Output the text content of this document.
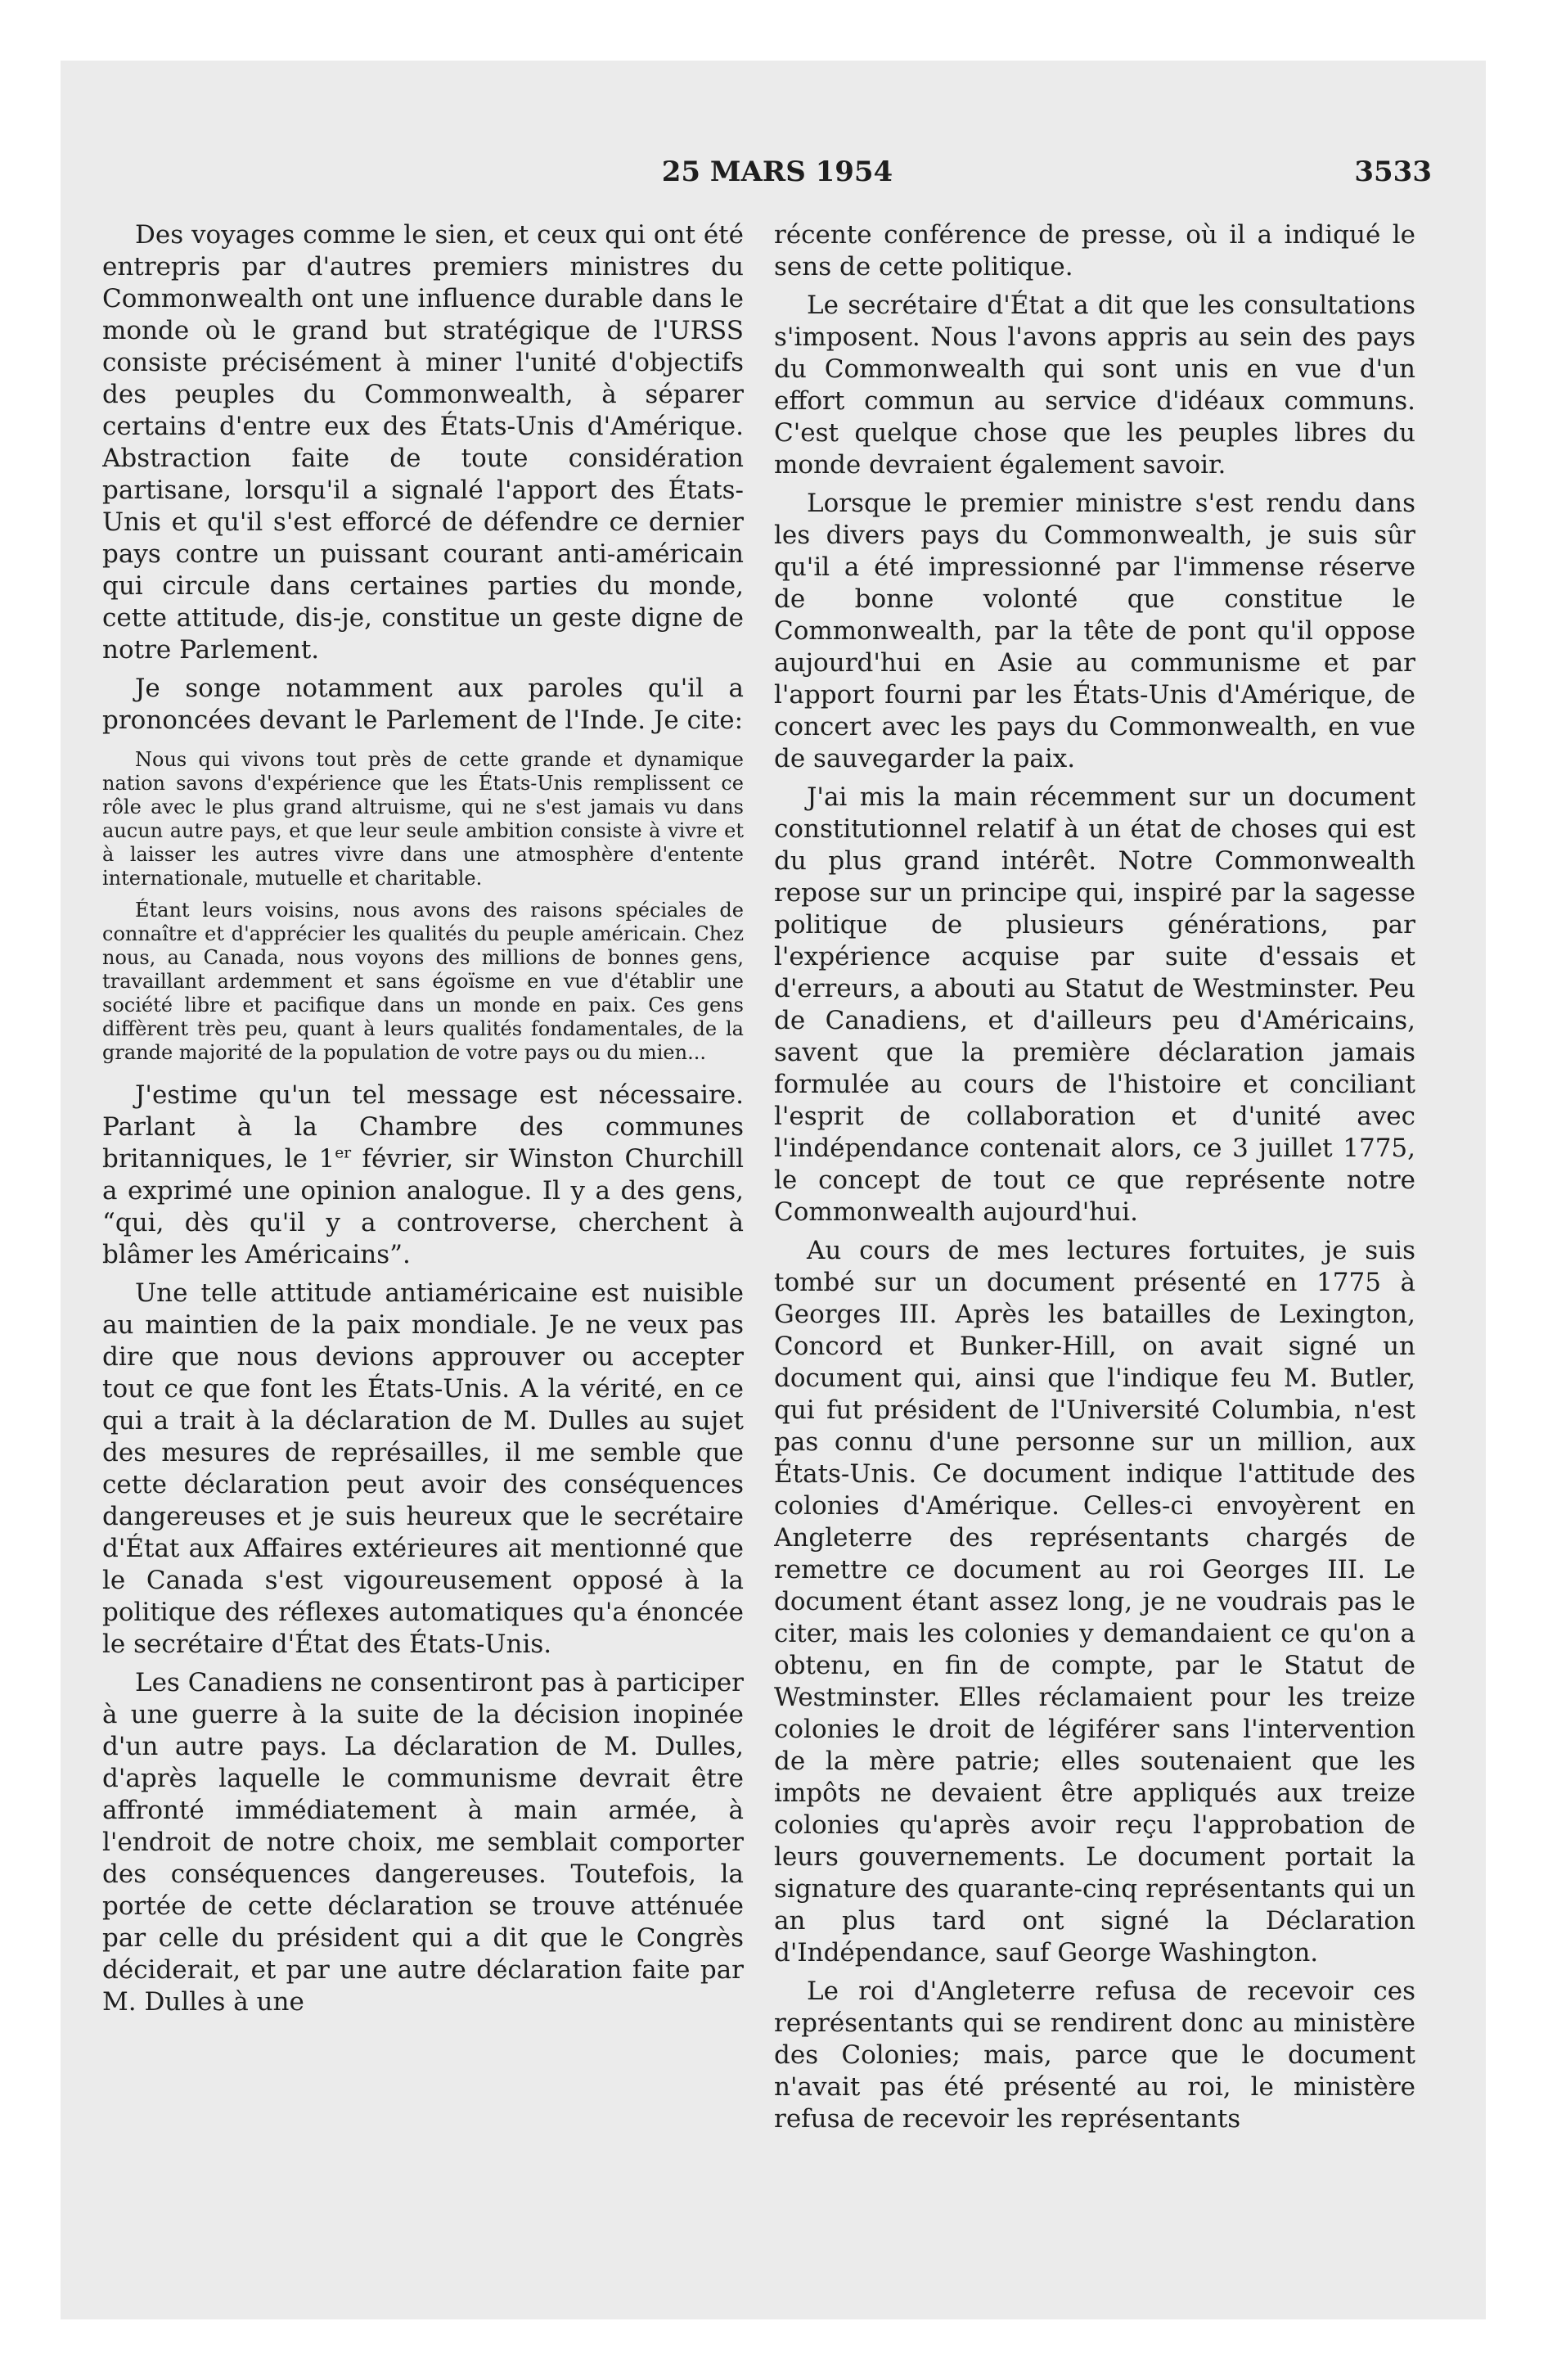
25 MARS 1954	3533

Des voyages comme le sien, et ceux qui ont été entrepris par d'autres premiers ministres du Commonwealth ont une influence durable dans le monde où le grand but stratégique de l'URSS consiste précisément à miner l'unité d'objectifs des peuples du Commonwealth, à séparer certains d'entre eux des États-Unis d'Amérique. Abstraction faite de toute considération partisane, lorsqu'il a signalé l'apport des États-Unis et qu'il s'est efforcé de défendre ce dernier pays contre un puissant courant anti-américain qui circule dans certaines parties du monde, cette attitude, dis-je, constitue un geste digne de notre Parlement.

Je songe notamment aux paroles qu'il a prononcées devant le Parlement de l'Inde. Je cite:

Nous qui vivons tout près de cette grande et dynamique nation savons d'expérience que les États-Unis remplissent ce rôle avec le plus grand altruisme, qui ne s'est jamais vu dans aucun autre pays, et que leur seule ambition consiste à vivre et à laisser les autres vivre dans une atmosphère d'entente internationale, mutuelle et charitable.

Étant leurs voisins, nous avons des raisons spéciales de connaître et d'apprécier les qualités du peuple américain. Chez nous, au Canada, nous voyons des millions de bonnes gens, travaillant ardemment et sans égoïsme en vue d'établir une société libre et pacifique dans un monde en paix. Ces gens diffèrent très peu, quant à leurs qualités fondamentales, de la grande majorité de la population de votre pays ou du mien...

J'estime qu'un tel message est nécessaire. Parlant à la Chambre des communes britanniques, le 1er février, sir Winston Churchill a exprimé une opinion analogue. Il y a des gens, “qui, dès qu'il y a controverse, cherchent à blâmer les Américains”.

Une telle attitude antiaméricaine est nuisible au maintien de la paix mondiale. Je ne veux pas dire que nous devions approuver ou accepter tout ce que font les États-Unis. A la vérité, en ce qui a trait à la déclaration de M. Dulles au sujet des mesures de représailles, il me semble que cette déclaration peut avoir des conséquences dangereuses et je suis heureux que le secrétaire d'État aux Affaires extérieures ait mentionné que le Canada s'est vigoureusement opposé à la politique des réflexes automatiques qu'a énoncée le secrétaire d'État des États-Unis.

Les Canadiens ne consentiront pas à participer à une guerre à la suite de la décision inopinée d'un autre pays. La déclaration de M. Dulles, d'après laquelle le communisme devrait être affronté immédiatement à main armée, à l'endroit de notre choix, me semblait comporter des conséquences dangereuses. Toutefois, la portée de cette déclaration se trouve atténuée par celle du président qui a dit que le Congrès déciderait, et par une autre déclaration faite par M. Dulles à une

récente conférence de presse, où il a indiqué le sens de cette politique.

Le secrétaire d'État a dit que les consultations s'imposent. Nous l'avons appris au sein des pays du Commonwealth qui sont unis en vue d'un effort commun au service d'idéaux communs. C'est quelque chose que les peuples libres du monde devraient également savoir.

Lorsque le premier ministre s'est rendu dans les divers pays du Commonwealth, je suis sûr qu'il a été impressionné par l'immense réserve de bonne volonté que constitue le Commonwealth, par la tête de pont qu'il oppose aujourd'hui en Asie au communisme et par l'apport fourni par les États-Unis d'Amérique, de concert avec les pays du Commonwealth, en vue de sauvegarder la paix.

J'ai mis la main récemment sur un document constitutionnel relatif à un état de choses qui est du plus grand intérêt. Notre Commonwealth repose sur un principe qui, inspiré par la sagesse politique de plusieurs générations, par l'expérience acquise par suite d'essais et d'erreurs, a abouti au Statut de Westminster. Peu de Canadiens, et d'ailleurs peu d'Américains, savent que la première déclaration jamais formulée au cours de l'histoire et conciliant l'esprit de collaboration et d'unité avec l'indépendance contenait alors, ce 3 juillet 1775, le concept de tout ce que représente notre Commonwealth aujourd'hui.

Au cours de mes lectures fortuites, je suis tombé sur un document présenté en 1775 à Georges III. Après les batailles de Lexington, Concord et Bunker-Hill, on avait signé un document qui, ainsi que l'indique feu M. Butler, qui fut président de l'Université Columbia, n'est pas connu d'une personne sur un million, aux États-Unis. Ce document indique l'attitude des colonies d'Amérique. Celles-ci envoyèrent en Angleterre des représentants chargés de remettre ce document au roi Georges III. Le document étant assez long, je ne voudrais pas le citer, mais les colonies y demandaient ce qu'on a obtenu, en fin de compte, par le Statut de Westminster. Elles réclamaient pour les treize colonies le droit de légiférer sans l'intervention de la mère patrie; elles soutenaient que les impôts ne devaient être appliqués aux treize colonies qu'après avoir reçu l'approbation de leurs gouvernements. Le document portait la signature des quarante-cinq représentants qui un an plus tard ont signé la Déclaration d'Indépendance, sauf George Washington.

Le roi d'Angleterre refusa de recevoir ces représentants qui se rendirent donc au ministère des Colonies; mais, parce que le document n'avait pas été présenté au roi, le ministère refusa de recevoir les représentants
